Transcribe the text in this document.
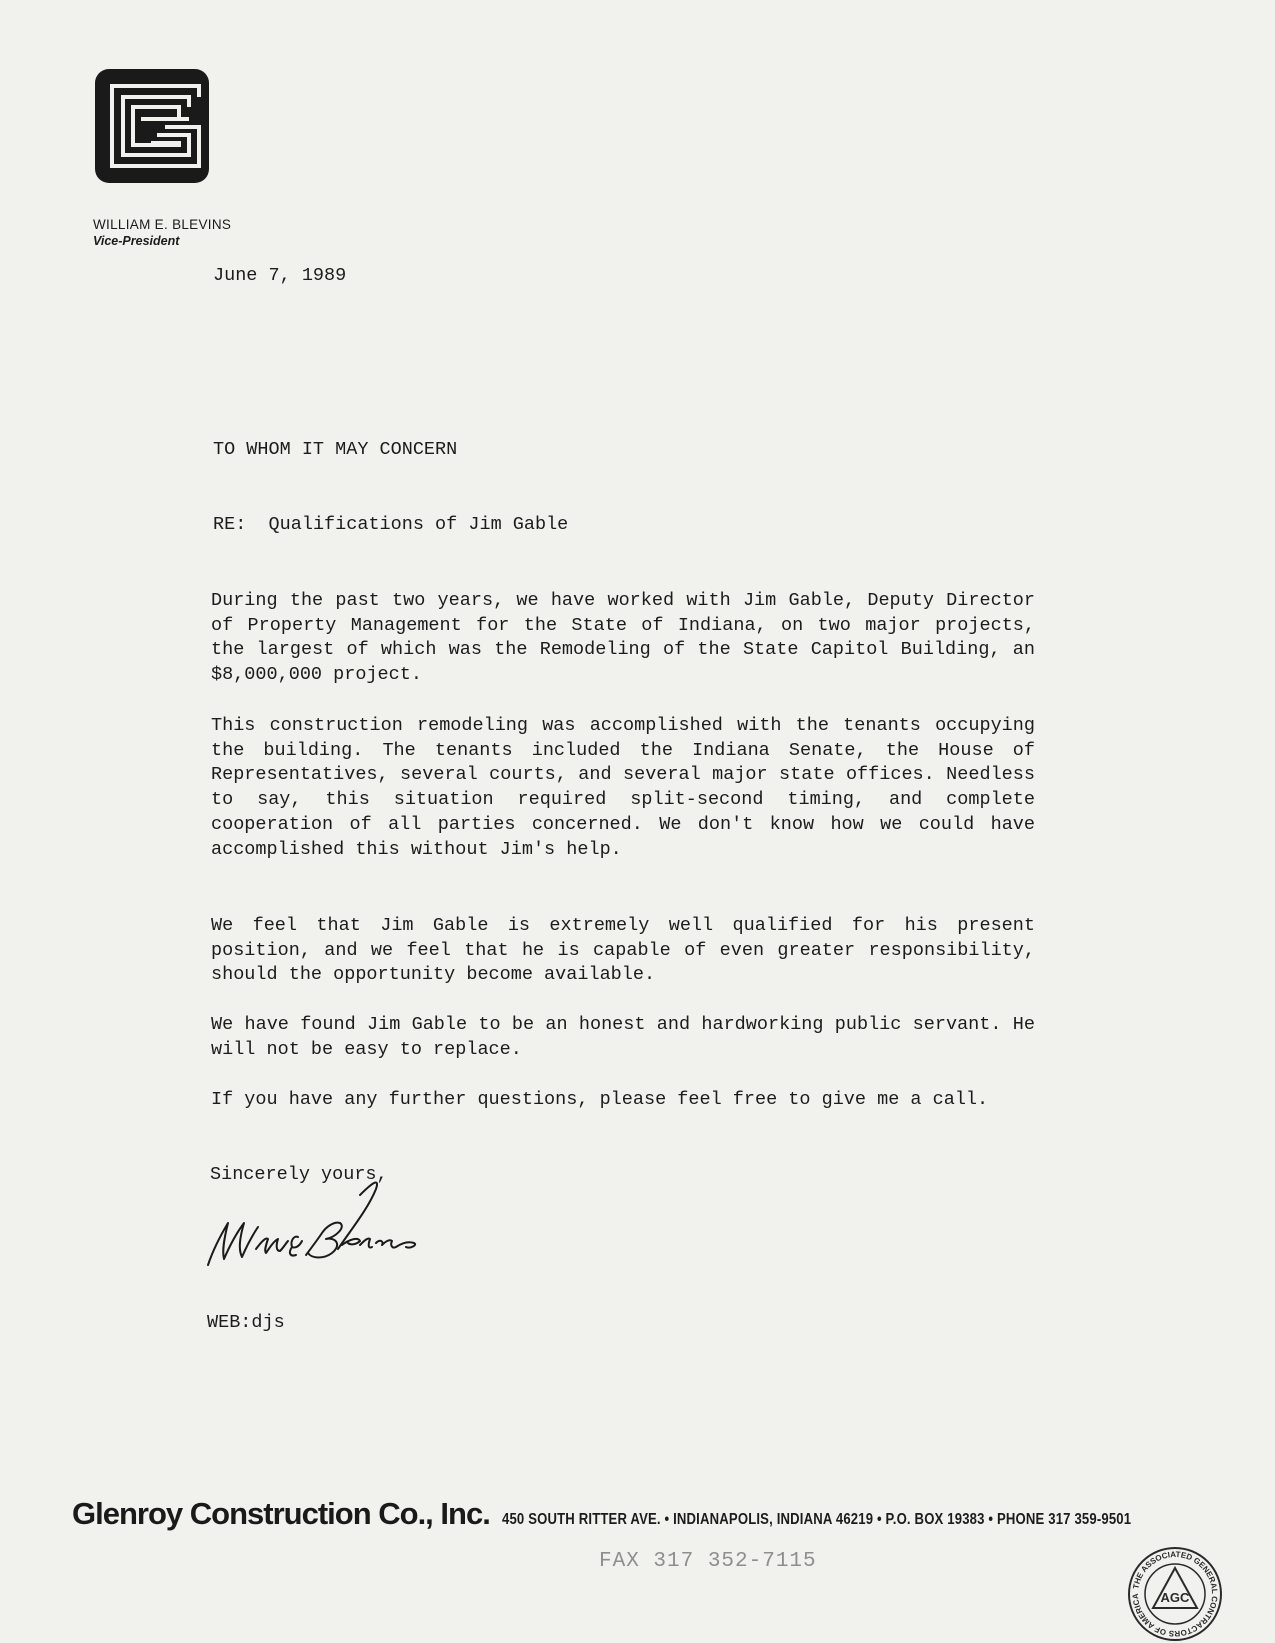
WILLIAM E. BLEVINS
Vice-President
June 7, 1989
TO WHOM IT MAY CONCERN
RE: Qualifications of Jim Gable
During the past two years, we have worked with Jim Gable, Deputy Director of Property Management for the State of Indiana, on two major projects, the largest of which was the Remodeling of the State Capitol Building, an $8,000,000 project.
This construction remodeling was accomplished with the tenants occupying the building. The tenants included the Indiana Senate, the House of Representatives, several courts, and several major state offices. Needless to say, this situation required split-second timing, and complete cooperation of all parties concerned. We don't know how we could have accomplished this without Jim's help.
We feel that Jim Gable is extremely well qualified for his present position, and we feel that he is capable of even greater responsibility, should the opportunity become available.
We have found Jim Gable to be an honest and hardworking public servant. He will not be easy to replace.
If you have any further questions, please feel free to give me a call.
Sincerely yours,
WEB:djs
Glenroy Construction Co., Inc. 450 SOUTH RITTER AVE. • INDIANAPOLIS, INDIANA 46219 • P.O. BOX 19383 • PHONE 317 359-9501
FAX 317 352-7115
THE ASSOCIATED GENERAL CONTRACTORS OF AMERICA	AGC
